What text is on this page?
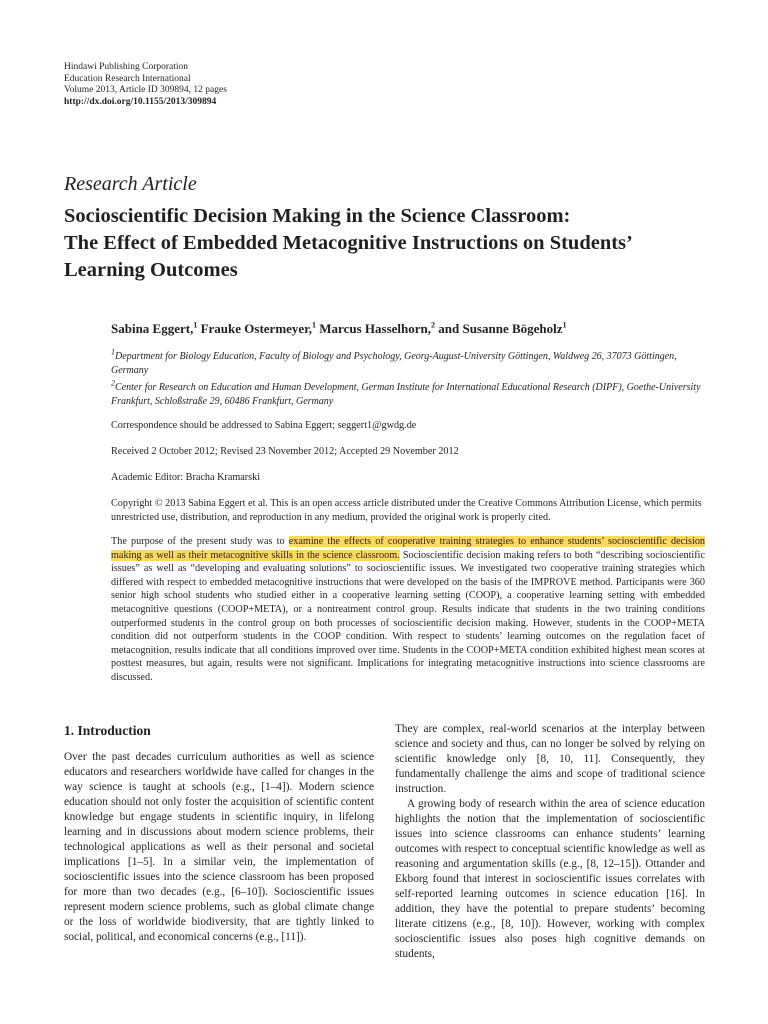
Hindawi Publishing Corporation
Education Research International
Volume 2013, Article ID 309894, 12 pages
http://dx.doi.org/10.1155/2013/309894
Research Article
Socioscientific Decision Making in the Science Classroom:
The Effect of Embedded Metacognitive Instructions on Students’
Learning Outcomes
Sabina Eggert,$^1$ Frauke Ostermeyer,$^1$ Marcus Hasselhorn,$^2$ and Susanne Bögeholz$^1$

$^1$Department for Biology Education, Faculty of Biology and Psychology, Georg-August-University Göttingen, Waldweg 26, 37073 Göttingen, Germany

$^2$Center for Research on Education and Human Development, German Institute for International Educational Research (DIPF), Goethe-University Frankfurt, Schloßstraße 29, 60486 Frankfurt, Germany

Correspondence should be addressed to Sabina Eggert; seggert1@gwdg.de
Received 2 October 2012; Revised 23 November 2012; Accepted 29 November 2012
Academic Editor: Bracha Kramarski
Copyright © 2013 Sabina Eggert et al. This is an open access article distributed under the Creative Commons Attribution License, which permits unrestricted use, distribution, and reproduction in any medium, provided the original work is properly cited.
The purpose of the present study was to examine the effects of cooperative training strategies to enhance students’ socioscientific decision making as well as their metacognitive skills in the science classroom. Socioscientific decision making refers to both “describing socioscientific issues” as well as “developing and evaluating solutions” to socioscientific issues. We investigated two cooperative training strategies which differed with respect to embedded metacognitive instructions that were developed on the basis of the IMPROVE method. Participants were 360 senior high school students who studied either in a cooperative learning setting (COOP), a cooperative learning setting with embedded metacognitive questions (COOP+META), or a nontreatment control group. Results indicate that students in the two training conditions outperformed students in the control group on both processes of socioscientific decision making. However, students in the COOP+META condition did not outperform students in the COOP condition. With respect to students’ learning outcomes on the regulation facet of metacognition, results indicate that all conditions improved over time. Students in the COOP+META condition exhibited highest mean scores at posttest measures, but again, results were not significant. Implications for integrating metacognitive instructions into science classrooms are discussed.
1. Introduction

Over the past decades curriculum authorities as well as science educators and researchers worldwide have called for changes in the way science is taught at schools (e.g., [1–4]). Modern science education should not only foster the acquisition of scientific content knowledge but engage students in scientific inquiry, in lifelong learning and in discussions about modern science problems, their technological applications as well as their personal and societal implications [1–5]. In a similar vein, the implementation of socioscientific issues into the science classroom has been proposed for more than two decades (e.g., [6–10]). Socioscientific issues represent modern science problems, such as global climate change or the loss of worldwide biodiversity, that are tightly linked to social, political, and economical concerns (e.g., [11]).

They are complex, real-world scenarios at the interplay between science and society and thus, can no longer be solved by relying on scientific knowledge only [8, 10, 11]. Consequently, they fundamentally challenge the aims and scope of traditional science instruction.

A growing body of research within the area of science education highlights the notion that the implementation of socioscientific issues into science classrooms can enhance students’ learning outcomes with respect to conceptual scientific knowledge as well as reasoning and argumentation skills (e.g., [8, 12–15]). Ottander and Ekborg found that interest in socioscientific issues correlates with self-reported learning outcomes in science education [16]. In addition, they have the potential to prepare students’ becoming literate citizens (e.g., [8, 10]). However, working with complex socioscientific issues also poses high cognitive demands on students,
